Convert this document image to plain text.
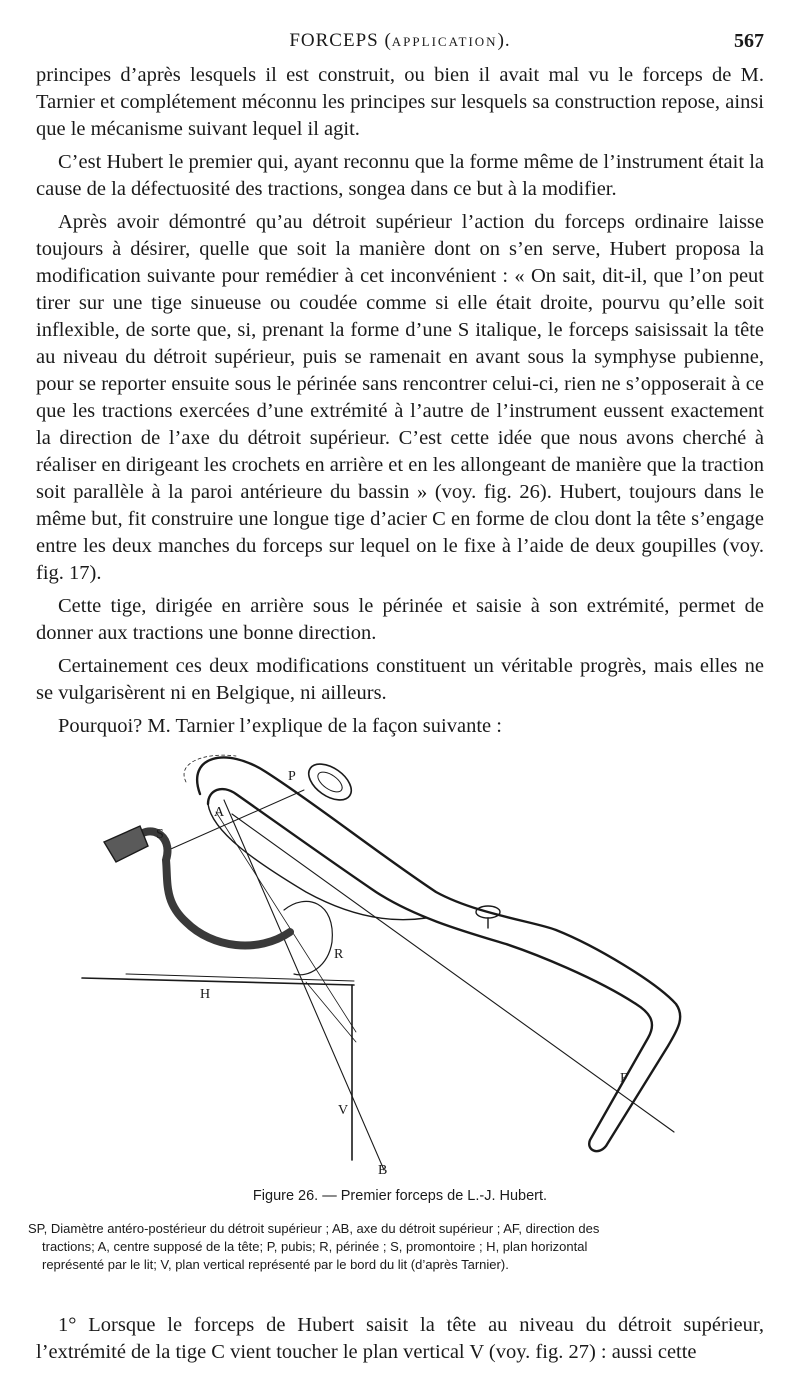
FORCEPS (APPLICATION).	567

principes d’après lesquels il est construit, ou bien il avait mal vu le forceps de M. Tarnier et complétement méconnu les principes sur lesquels sa construction repose, ainsi que le mécanisme suivant lequel il agit.

C’est Hubert le premier qui, ayant reconnu que la forme même de l’instrument était la cause de la défectuosité des tractions, songea dans ce but à la modifier.

Après avoir démontré qu’au détroit supérieur l’action du forceps ordinaire laisse toujours à désirer, quelle que soit la manière dont on s’en serve, Hubert proposa la modification suivante pour remédier à cet inconvénient : « On sait, dit-il, que l’on peut tirer sur une tige sinueuse ou coudée comme si elle était droite, pourvu qu’elle soit inflexible, de sorte que, si, prenant la forme d’une S italique, le forceps saisissait la tête au niveau du détroit supérieur, puis se ramenait en avant sous la symphyse pubienne, pour se reporter ensuite sous le périnée sans rencontrer celui-ci, rien ne s’opposerait à ce que les tractions exercées d’une extrémité à l’autre de l’instrument eussent exactement la direction de l’axe du détroit supérieur. C’est cette idée que nous avons cherché à réaliser en dirigeant les crochets en arrière et en les allongeant de manière que la traction soit parallèle à la paroi antérieure du bassin » (voy. fig. 26). Hubert, toujours dans le même but, fit construire une longue tige d’acier C en forme de clou dont la tête s’engage entre les deux manches du forceps sur lequel on le fixe à l’aide de deux goupilles (voy. fig. 17).

Cette tige, dirigée en arrière sous le périnée et saisie à son extrémité, permet de donner aux tractions une bonne direction.

Certainement ces deux modifications constituent un véritable progrès, mais elles ne se vulgarisèrent ni en Belgique, ni ailleurs.

Pourquoi? M. Tarnier l’explique de la façon suivante :

P
S
A
R
H
V
B
F
Figure 26. — Premier forceps de L.-J. Hubert.
SP, Diamètre antéro-postérieur du détroit supérieur ; AB, axe du détroit supérieur ; AF, direction des
tractions; A, centre supposé de la tête; P, pubis; R, périnée ; S, promontoire ; H, plan horizontal
représenté par le lit; V, plan vertical représenté par le bord du lit (d’après Tarnier).

1° Lorsque le forceps de Hubert saisit la tête au niveau du détroit supérieur, l’extrémité de la tige C vient toucher le plan vertical V (voy. fig. 27) : aussi cette
